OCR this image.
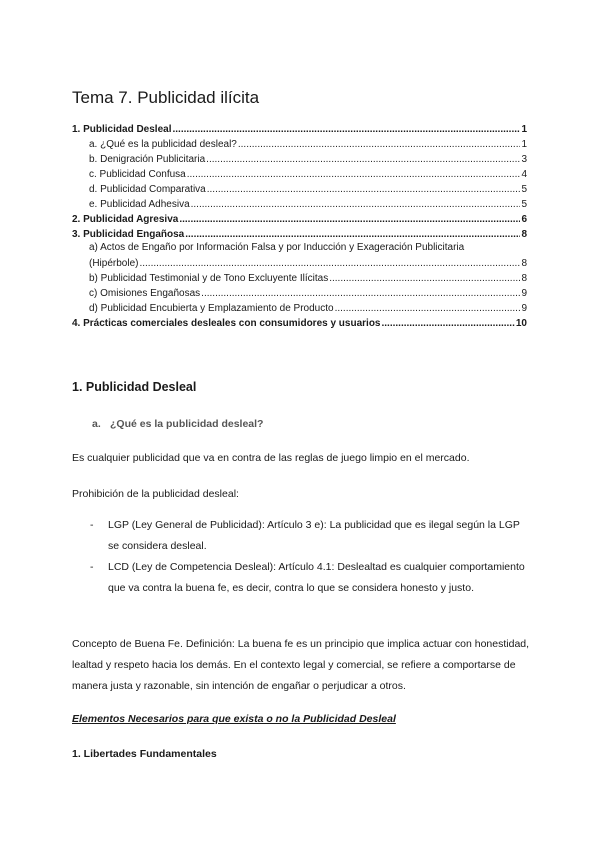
Tema 7. Publicidad ilícita
1. Publicidad Desleal .....	1
a. ¿Qué es la publicidad desleal? .....	1
b. Denigración Publicitaria .....	3
c. Publicidad Confusa .....	4
d. Publicidad Comparativa .....	5
e. Publicidad Adhesiva .....	5
2. Publicidad Agresiva .....	6
3. Publicidad Engañosa .....	8
a) Actos de Engaño por Información Falsa y por Inducción y Exageración Publicitaria
(Hipérbole) .....	8
b) Publicidad Testimonial y de Tono Excluyente Ilícitas .....	8
c) Omisiones Engañosas .....	9
d) Publicidad Encubierta y Emplazamiento de Producto .....	9
4. Prácticas comerciales desleales con consumidores y usuarios .....	10
1. Publicidad Desleal
a. ¿Qué es la publicidad desleal?
Es cualquier publicidad que va en contra de las reglas de juego limpio en el mercado.
Prohibición de la publicidad desleal:
-	LGP (Ley General de Publicidad): Artículo 3 e): La publicidad que es ilegal según la LGP se considera desleal.
-	LCD (Ley de Competencia Desleal): Artículo 4.1: Deslealtad es cualquier comportamiento que va contra la buena fe, es decir, contra lo que se considera honesto y justo.
Concepto de Buena Fe. Definición: La buena fe es un principio que implica actuar con honestidad, lealtad y respeto hacia los demás. En el contexto legal y comercial, se refiere a comportarse de manera justa y razonable, sin intención de engañar o perjudicar a otros.
Elementos Necesarios para que exista o no la Publicidad Desleal
1. Libertades Fundamentales
